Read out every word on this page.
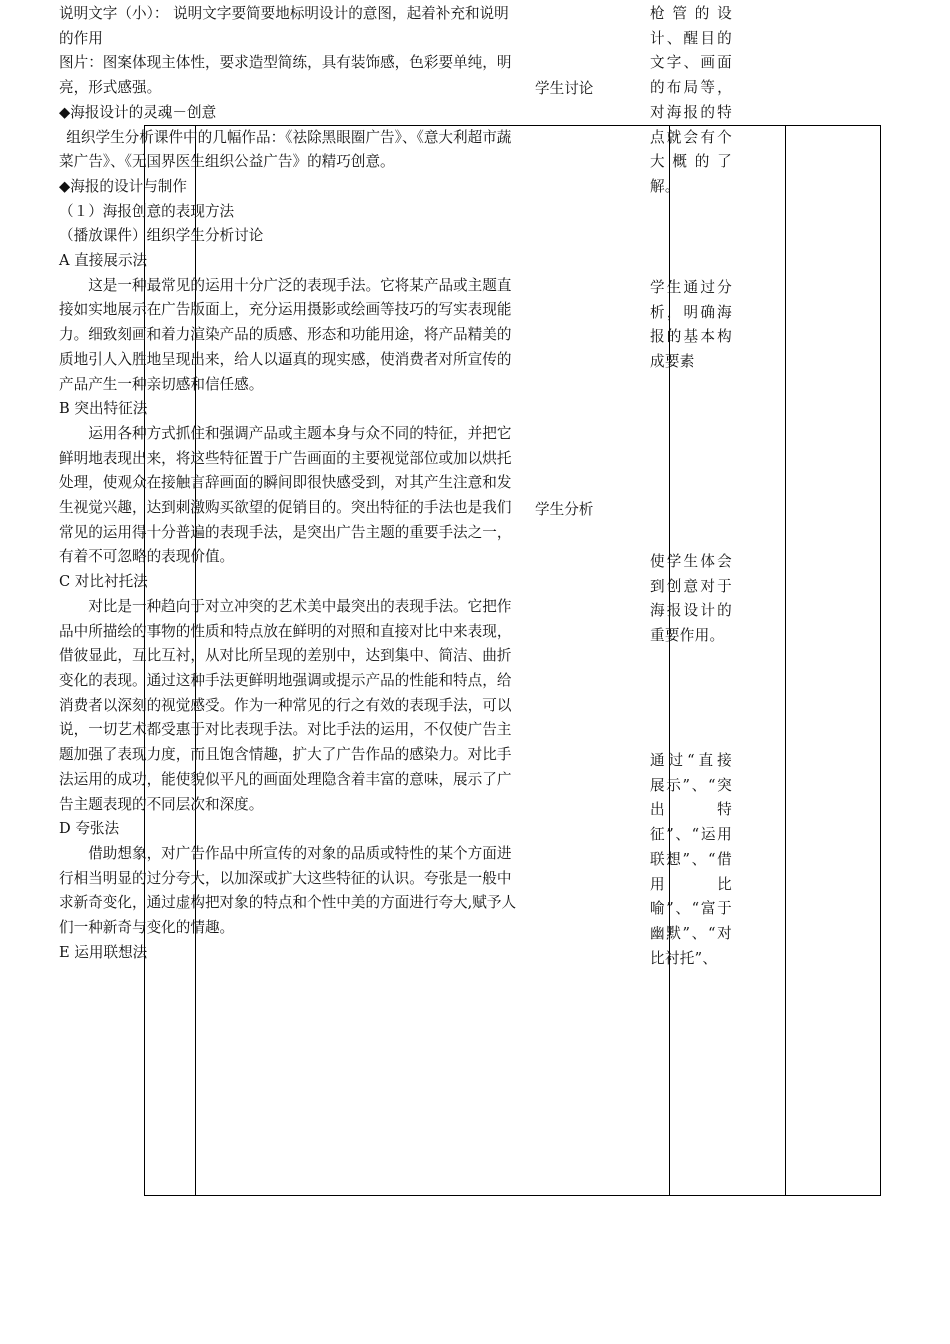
说明文字（小）： 说明文字要简要地标明设计的意图，起着补充和说明的作用

图片：图案体现主体性，要求造型简练，具有装饰感，色彩要单纯，明亮，形式感强。

◆海报设计的灵魂－创意

组织学生分析课件中的几幅作品：《祛除黑眼圈广告》、《意大利超市蔬菜广告》、《无国界医生组织公益广告》的精巧创意。

◆海报的设计与制作

（１）海报创意的表现方法

（播放课件）组织学生分析讨论

A 直接展示法

这是一种最常见的运用十分广泛的表现手法。它将某产品或主题直接如实地展示在广告版面上，充分运用摄影或绘画等技巧的写实表现能力。细致刻画和着力渲染产品的质感、形态和功能用途，将产品精美的质地引人入胜地呈现出来，给人以逼真的现实感，使消费者对所宣传的产品产生一种亲切感和信任感。

B 突出特征法

运用各种方式抓住和强调产品或主题本身与众不同的特征，并把它鲜明地表现出来，将这些特征置于广告画面的主要视觉部位或加以烘托处理，使观众在接触言辞画面的瞬间即很快感受到，对其产生注意和发生视觉兴趣，达到刺激购买欲望的促销目的。突出特征的手法也是我们常见的运用得十分普遍的表现手法，是突出广告主题的重要手法之一，有着不可忽略的表现价值。

C 对比衬托法

对比是一种趋向于对立冲突的艺术美中最突出的表现手法。它把作品中所描绘的事物的性质和特点放在鲜明的对照和直接对比中来表现，借彼显此，互比互衬，从对比所呈现的差别中，达到集中、简洁、曲折变化的表现。通过这种手法更鲜明地强调或提示产品的性能和特点，给消费者以深刻的视觉感受。作为一种常见的行之有效的表现手法，可以说，一切艺术都受惠于对比表现手法。对比手法的运用，不仅使广告主题加强了表现力度，而且饱含情趣，扩大了广告作品的感染力。对比手法运用的成功，能使貌似平凡的画面处理隐含着丰富的意味，展示了广告主题表现的不同层次和深度。

D 夸张法

借助想象，对广告作品中所宣传的对象的品质或特性的某个方面进行相当明显的过分夸大，以加深或扩大这些特征的认识。夸张是一般中求新奇变化，通过虚构把对象的特点和个性中美的方面进行夸大,赋予人们一种新奇与变化的情趣。

E 运用联想法

学生讨论
学生分析
枪管的设计、醒目的文字、画面的布局等，对海报的特点就会有个大概的了解。
学生通过分析，明确海报的基本构成要素
使学生体会到创意对于海报设计的重要作用。
通过“直接展示”、“突出特征”、“运用联想”、“借用比喻”、“富于幽默”、“对比衬托”、
